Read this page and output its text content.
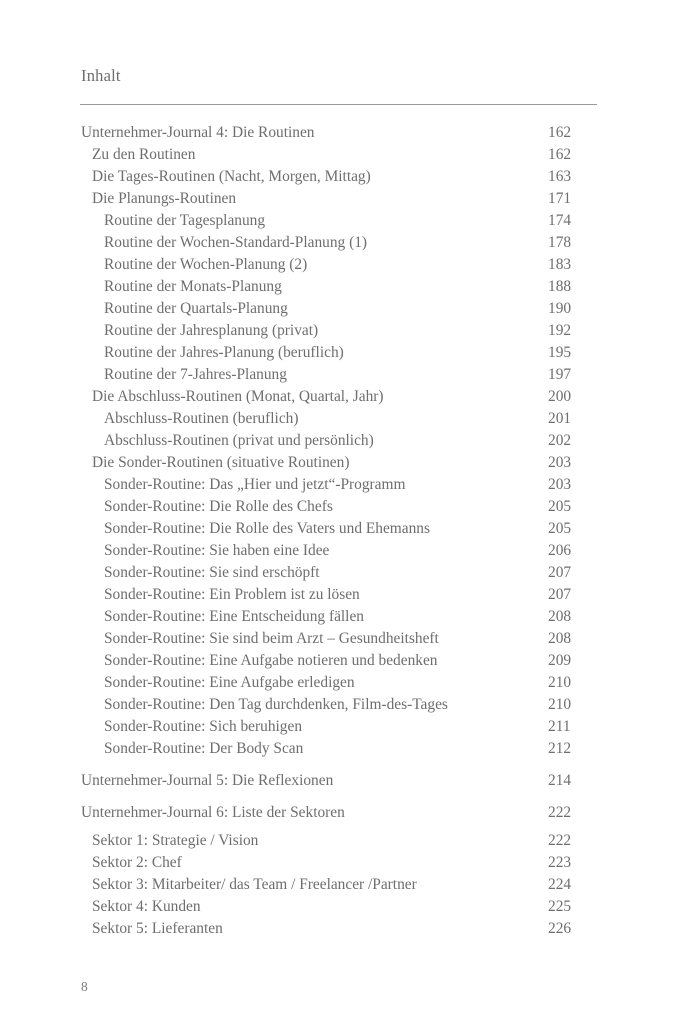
Inhalt
Unternehmer-Journal 4: Die Routinen	162
Zu den Routinen	162
Die Tages-Routinen (Nacht, Morgen, Mittag)	163
Die Planungs-Routinen	171
Routine der Tagesplanung	174
Routine der Wochen-Standard-Planung (1)	178
Routine der Wochen-Planung (2)	183
Routine der Monats-Planung	188
Routine der Quartals-Planung	190
Routine der Jahresplanung (privat)	192
Routine der Jahres-Planung (beruflich)	195
Routine der 7-Jahres-Planung	197
Die Abschluss-Routinen (Monat, Quartal, Jahr)	200
Abschluss-Routinen (beruflich)	201
Abschluss-Routinen (privat und persönlich)	202
Die Sonder-Routinen (situative Routinen)	203
Sonder-Routine: Das „Hier und jetzt“-Programm	203
Sonder-Routine: Die Rolle des Chefs	205
Sonder-Routine: Die Rolle des Vaters und Ehemanns	205
Sonder-Routine: Sie haben eine Idee	206
Sonder-Routine: Sie sind erschöpft	207
Sonder-Routine: Ein Problem ist zu lösen	207
Sonder-Routine: Eine Entscheidung fällen	208
Sonder-Routine: Sie sind beim Arzt – Gesundheitsheft	208
Sonder-Routine: Eine Aufgabe notieren und bedenken	209
Sonder-Routine: Eine Aufgabe erledigen	210
Sonder-Routine: Den Tag durchdenken, Film-des-Tages	210
Sonder-Routine: Sich beruhigen	211
Sonder-Routine: Der Body Scan	212
Unternehmer-Journal 5: Die Reflexionen	214
Unternehmer-Journal 6: Liste der Sektoren	222
Sektor 1: Strategie / Vision	222
Sektor 2: Chef	223
Sektor 3: Mitarbeiter/ das Team / Freelancer /Partner	224
Sektor 4: Kunden	225
Sektor 5: Lieferanten	226
8
